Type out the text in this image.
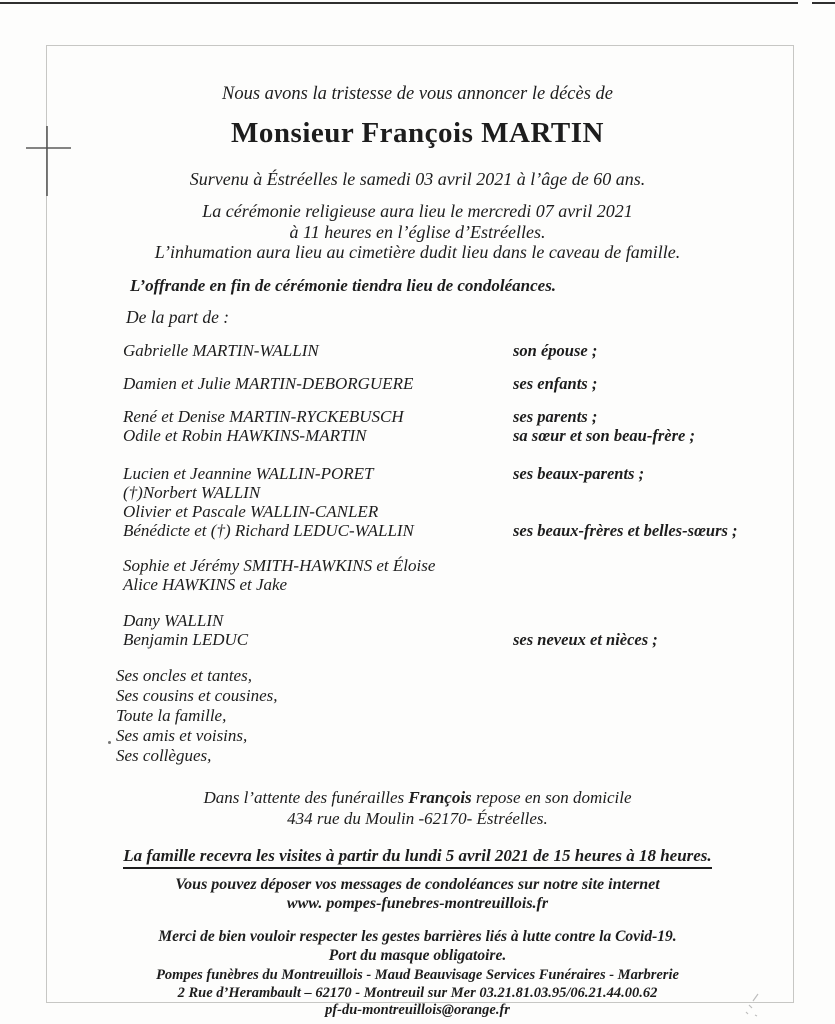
Nous avons la tristesse de vous annoncer le décès de
Monsieur François MARTIN
Survenu à Éstréelles le samedi 03 avril 2021 à l’âge de 60 ans.
La cérémonie religieuse aura lieu le mercredi 07 avril 2021
à 11 heures en l’église d’Estréelles.
L’inhumation aura lieu au cimetière dudit lieu dans le caveau de famille.
L’offrande en fin de cérémonie tiendra lieu de condoléances.
De la part de :
Gabrielle MARTIN-WALLIN	son épouse ;
Damien et Julie MARTIN-DEBORGUERE	ses enfants ;
René et Denise MARTIN-RYCKEBUSCH	ses parents ;
Odile et Robin HAWKINS-MARTIN	sa sœur et son beau-frère ;
Lucien et Jeannine WALLIN-PORET	ses beaux-parents ;
(†)Norbert WALLIN
Olivier et Pascale WALLIN-CANLER
Bénédicte et (†) Richard LEDUC-WALLIN	ses beaux-frères et belles-sœurs ;
Sophie et Jérémy SMITH-HAWKINS et Éloise
Alice HAWKINS et Jake
Dany WALLIN
Benjamin LEDUC	ses neveux et nièces ;
Ses oncles et tantes,
Ses cousins et cousines,
Toute la famille,
Ses amis et voisins,
Ses collègues,
Dans l’attente des funérailles François repose en son domicile
434 rue du Moulin -62170- Éstréelles.
La famille recevra les visites à partir du lundi 5 avril 2021 de 15 heures à 18 heures.
Vous pouvez déposer vos messages de condoléances sur notre site internet
www. pompes-funebres-montreuillois.fr
Merci de bien vouloir respecter les gestes barrières liés à lutte contre la Covid-19.
Port du masque obligatoire.
Pompes funèbres du Montreuillois - Maud Beauvisage Services Funéraires - Marbrerie
2 Rue d’Herambault – 62170 - Montreuil sur Mer 03.21.81.03.95/06.21.44.00.62
pf-du-montreuillois@orange.fr
